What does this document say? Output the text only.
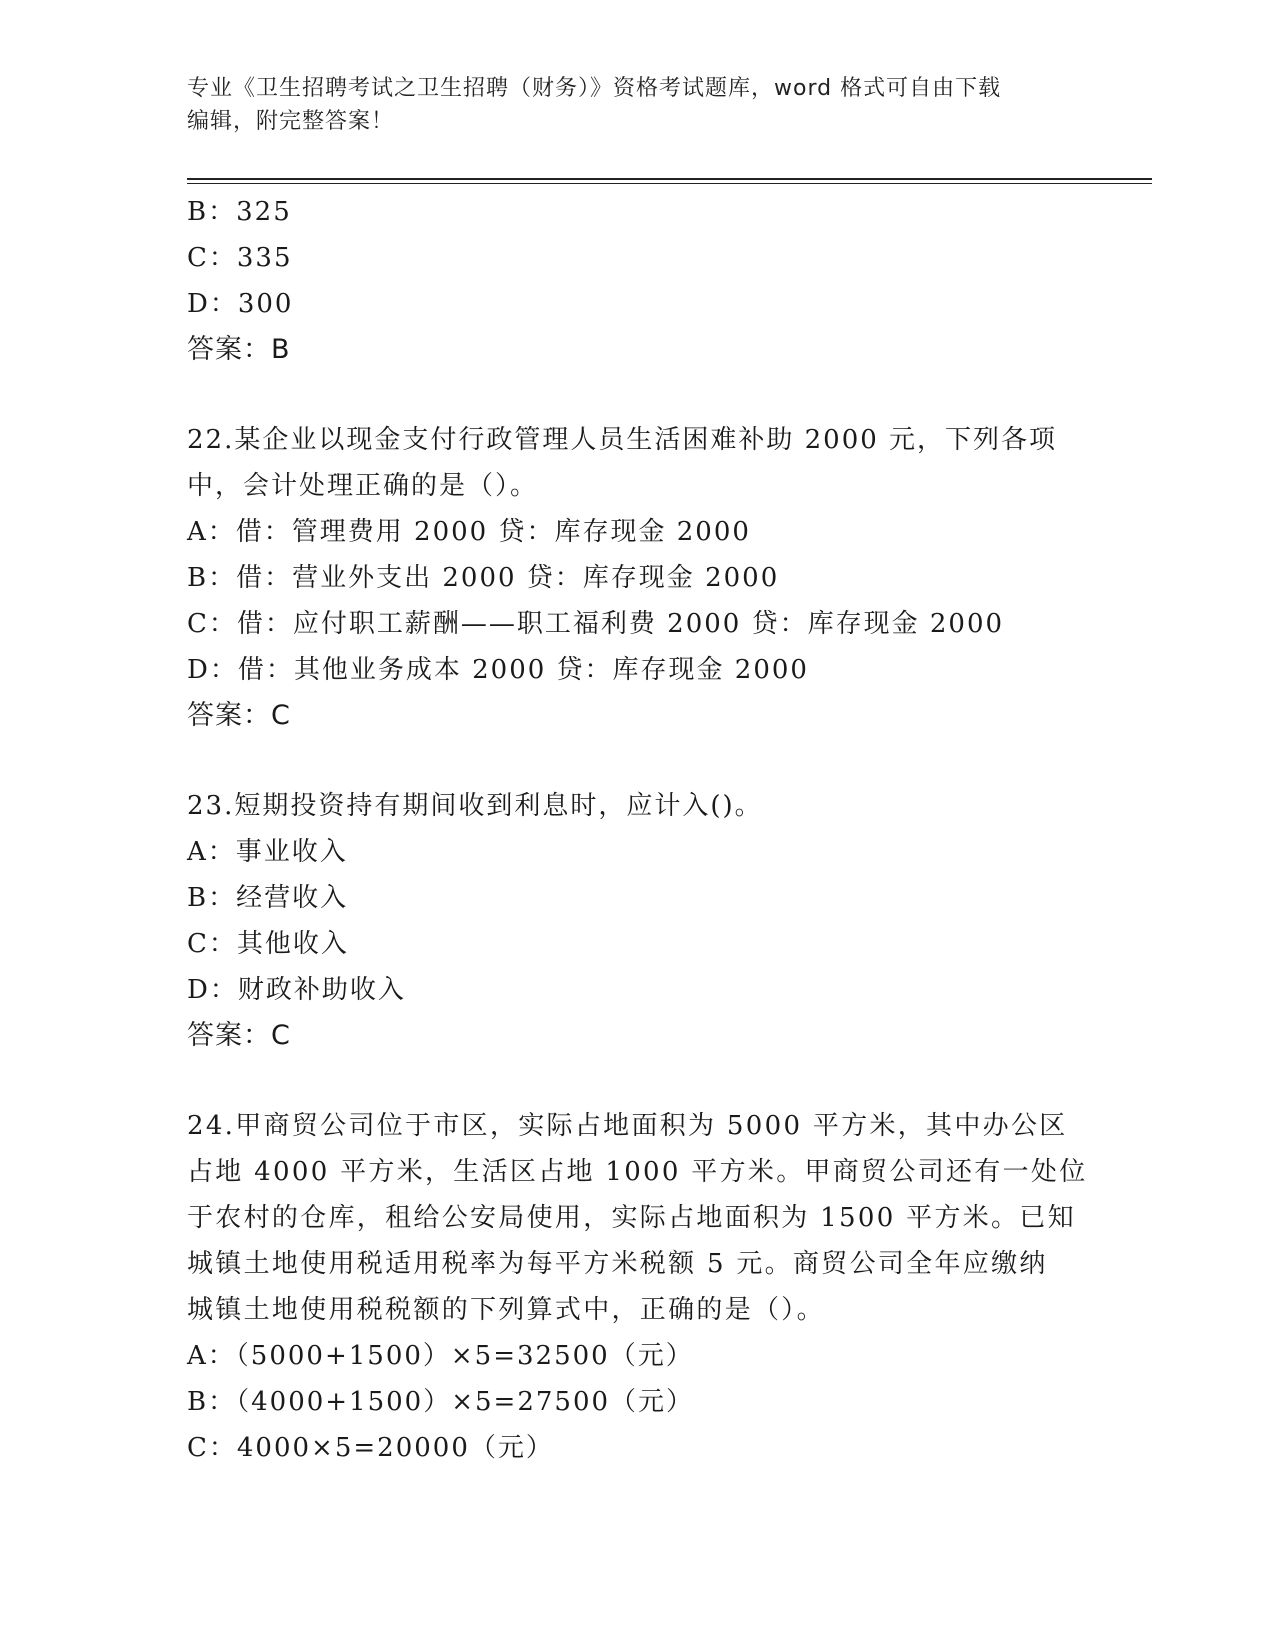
专业《卫生招聘考试之卫生招聘（财务）》资格考试题库，word 格式可自由下载
编辑，附完整答案！
B：325
C：335
D：300
答案：B
22.某企业以现金支付行政管理人员生活困难补助 2000 元，下列各项
中，会计处理正确的是（）。
A：借：管理费用 2000 贷：库存现金 2000
B：借：营业外支出 2000 贷：库存现金 2000
C：借：应付职工薪酬——职工福利费 2000 贷：库存现金 2000
D：借：其他业务成本 2000 贷：库存现金 2000
答案：C
23.短期投资持有期间收到利息时，应计入()。
A：事业收入
B：经营收入
C：其他收入
D：财政补助收入
答案：C
24.甲商贸公司位于市区，实际占地面积为 5000 平方米，其中办公区
占地 4000 平方米，生活区占地 1000 平方米。甲商贸公司还有一处位
于农村的仓库，租给公安局使用，实际占地面积为 1500 平方米。已知
城镇土地使用税适用税率为每平方米税额 5 元。商贸公司全年应缴纳
城镇土地使用税税额的下列算式中，正确的是（）。
A：（5000+1500）×5=32500（元）
B：（4000+1500）×5=27500（元）
C：4000×5=20000（元）
